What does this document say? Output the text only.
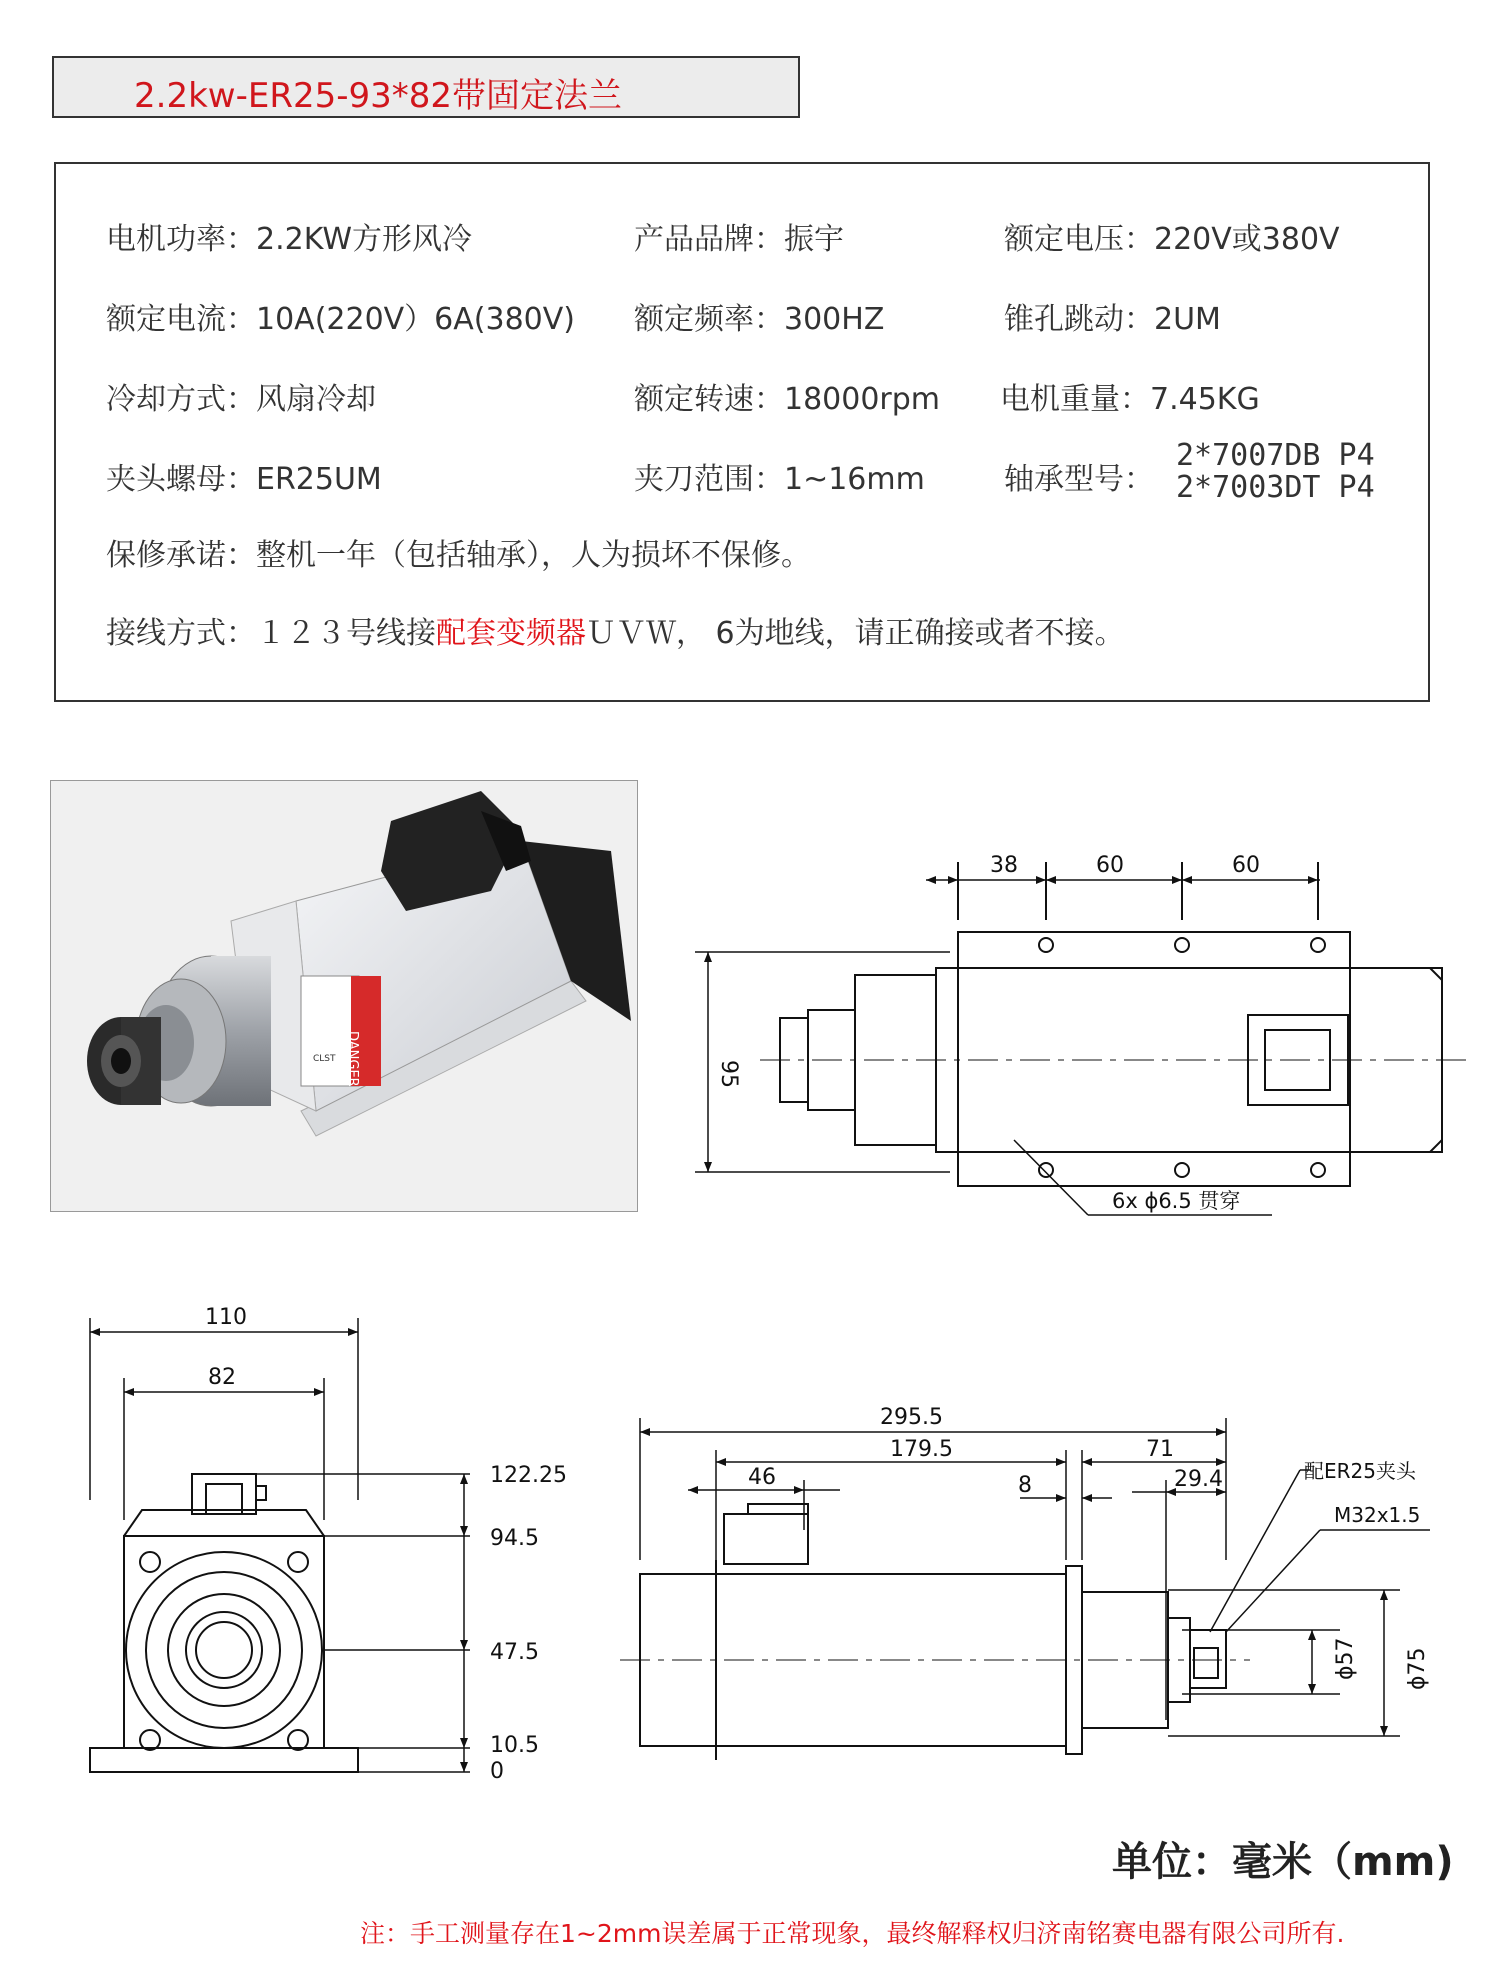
2.2kw-ER25-93*82带固定法兰
电机功率：2.2KW方形风冷	产品品牌：振宇	额定电压：220V或380V
额定电流：10A(220V）6A(380V) 额定频率：300HZ	锥孔跳动：2UM
冷却方式：风扇冷却	额定转速：18000rpm 电机重量：7.45KG
夹头螺母：ER25UM	夹刀范围：1~16mm	轴承型号：
2*7007DB P4
2*7003DT P4
保修承诺：整机一年（包括轴承），人为损坏不保修。
接线方式：１２３号线接配套变频器ＵＶＷ， 6为地线，请正确接或者不接。
DANGER
CLST
38	60	60
95
6x ϕ6.5 贯穿
110
82
122.25
94.5
47.5
10.5
0
295.5
179.5	71
46	8	29.4	配ER25夹头
M32x1.5
ϕ57 ϕ75
单位：毫米（mm)
注：手工测量存在1~2mm误差属于正常现象，最终解释权归济南铭赛电器有限公司所有.
